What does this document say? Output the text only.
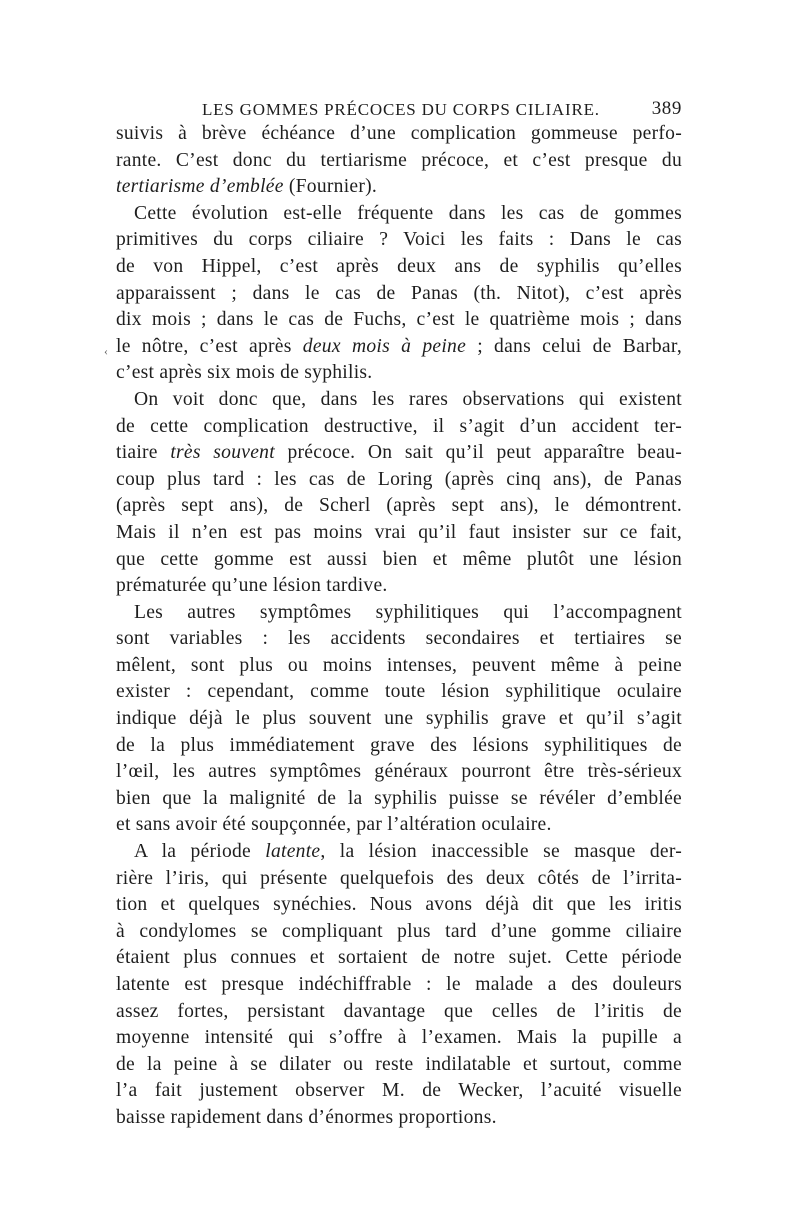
LES GOMMES PRÉCOCES DU CORPS CILIAIRE.	389
‹
suivis à brève échéance d’une complication gommeuse perfo-
rante. C’est donc du tertiarisme précoce, et c’est presque du
tertiarisme d’emblée (Fournier).
Cette évolution est-elle fréquente dans les cas de gommes
primitives du corps ciliaire ? Voici les faits : Dans le cas
de von Hippel, c’est après deux ans de syphilis qu’elles
apparaissent ; dans le cas de Panas (th. Nitot), c’est après
dix mois ; dans le cas de Fuchs, c’est le quatrième mois ; dans
le nôtre, c’est après deux mois à peine ; dans celui de Barbar,
c’est après six mois de syphilis.
On voit donc que, dans les rares observations qui existent
de cette complication destructive, il s’agit d’un accident ter-
tiaire très souvent précoce. On sait qu’il peut apparaître beau-
coup plus tard : les cas de Loring (après cinq ans), de Panas
(après sept ans), de Scherl (après sept ans), le démontrent.
Mais il n’en est pas moins vrai qu’il faut insister sur ce fait,
que cette gomme est aussi bien et même plutôt une lésion
prématurée qu’une lésion tardive.
Les autres symptômes syphilitiques qui l’accompagnent
sont variables : les accidents secondaires et tertiaires se
mêlent, sont plus ou moins intenses, peuvent même à peine
exister : cependant, comme toute lésion syphilitique oculaire
indique déjà le plus souvent une syphilis grave et qu’il s’agit
de la plus immédiatement grave des lésions syphilitiques de
l’œil, les autres symptômes généraux pourront être très-sérieux
bien que la malignité de la syphilis puisse se révéler d’emblée
et sans avoir été soupçonnée, par l’altération oculaire.
A la période latente, la lésion inaccessible se masque der-
rière l’iris, qui présente quelquefois des deux côtés de l’irrita-
tion et quelques synéchies. Nous avons déjà dit que les iritis
à condylomes se compliquant plus tard d’une gomme ciliaire
étaient plus connues et sortaient de notre sujet. Cette période
latente est presque indéchiffrable : le malade a des douleurs
assez fortes, persistant davantage que celles de l’iritis de
moyenne intensité qui s’offre à l’examen. Mais la pupille a
de la peine à se dilater ou reste indilatable et surtout, comme
l’a fait justement observer M. de Wecker, l’acuité visuelle
baisse rapidement dans d’énormes proportions.
